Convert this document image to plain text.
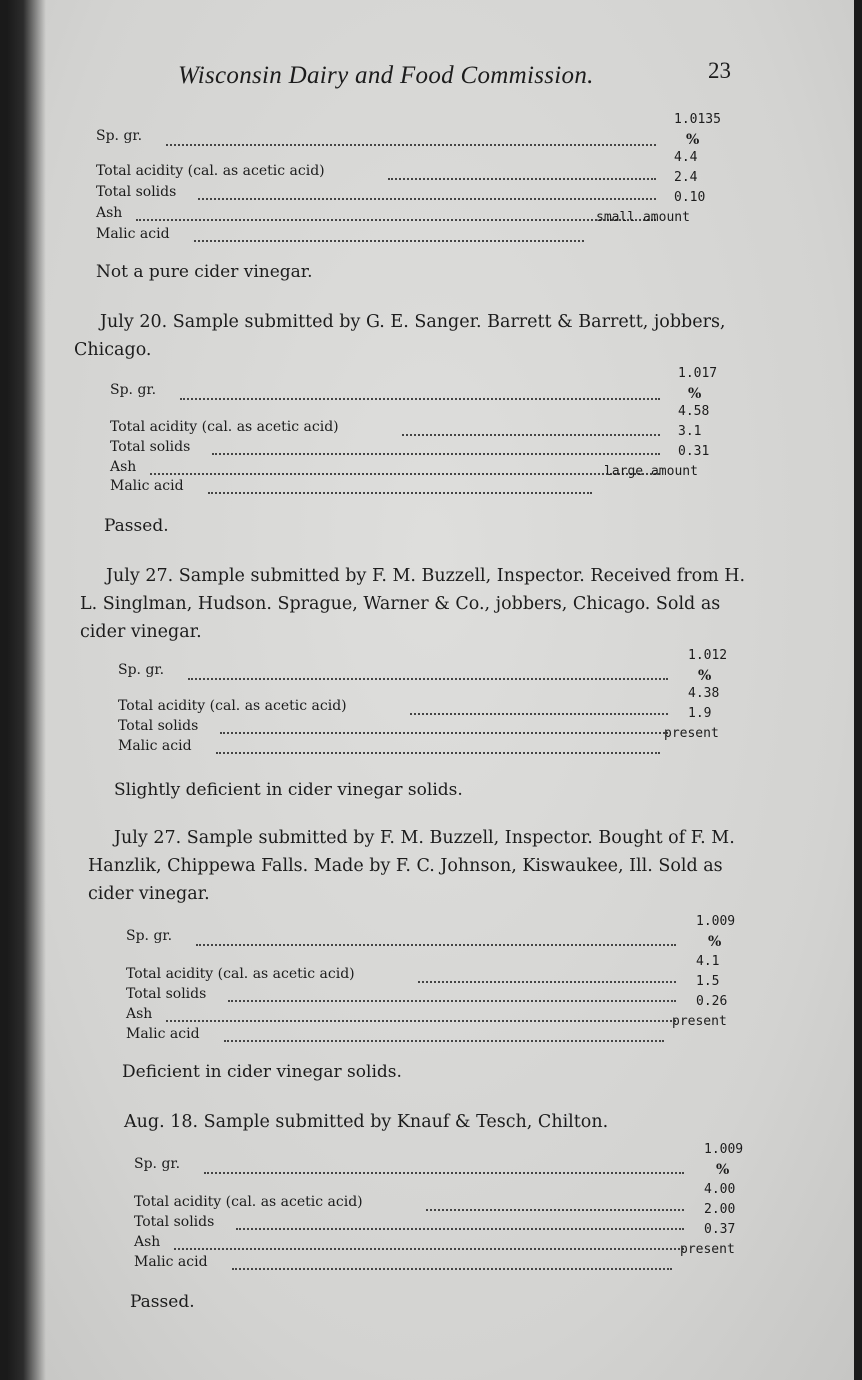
Wisconsin Dairy and Food Commission.	23
Sp. gr.
1.0135
%
Total acidity (cal. as acetic acid)
4.4
Total solids
2.4
Ash
0.10
Malic acid
small amount
Not a pure cider vinegar.
July 20. Sample submitted by G. E. Sanger. Barrett & Barrett, jobbers, Chicago.
Sp. gr.
1.017
%
Total acidity (cal. as acetic acid)
4.58
Total solids
3.1
Ash
0.31
Malic acid
large amount
Passed.
July 27. Sample submitted by F. M. Buzzell, Inspector. Received from H. L. Singlman, Hudson. Sprague, Warner & Co., jobbers, Chicago. Sold as cider vinegar.
Sp. gr.
1.012
%
Total acidity (cal. as acetic acid)
4.38
Total solids
1.9
Malic acid
present
Slightly deficient in cider vinegar solids.
July 27. Sample submitted by F. M. Buzzell, Inspector. Bought of F. M. Hanzlik, Chippewa Falls. Made by F. C. Johnson, Kiswaukee, Ill. Sold as cider vinegar.
Sp. gr.
1.009
%
Total acidity (cal. as acetic acid)
4.1
Total solids
1.5
Ash
0.26
Malic acid
present
Deficient in cider vinegar solids.
Aug. 18. Sample submitted by Knauf & Tesch, Chilton.
Sp. gr.
1.009
%
Total acidity (cal. as acetic acid)
4.00
Total solids
2.00
Ash
0.37
Malic acid
present
Passed.
